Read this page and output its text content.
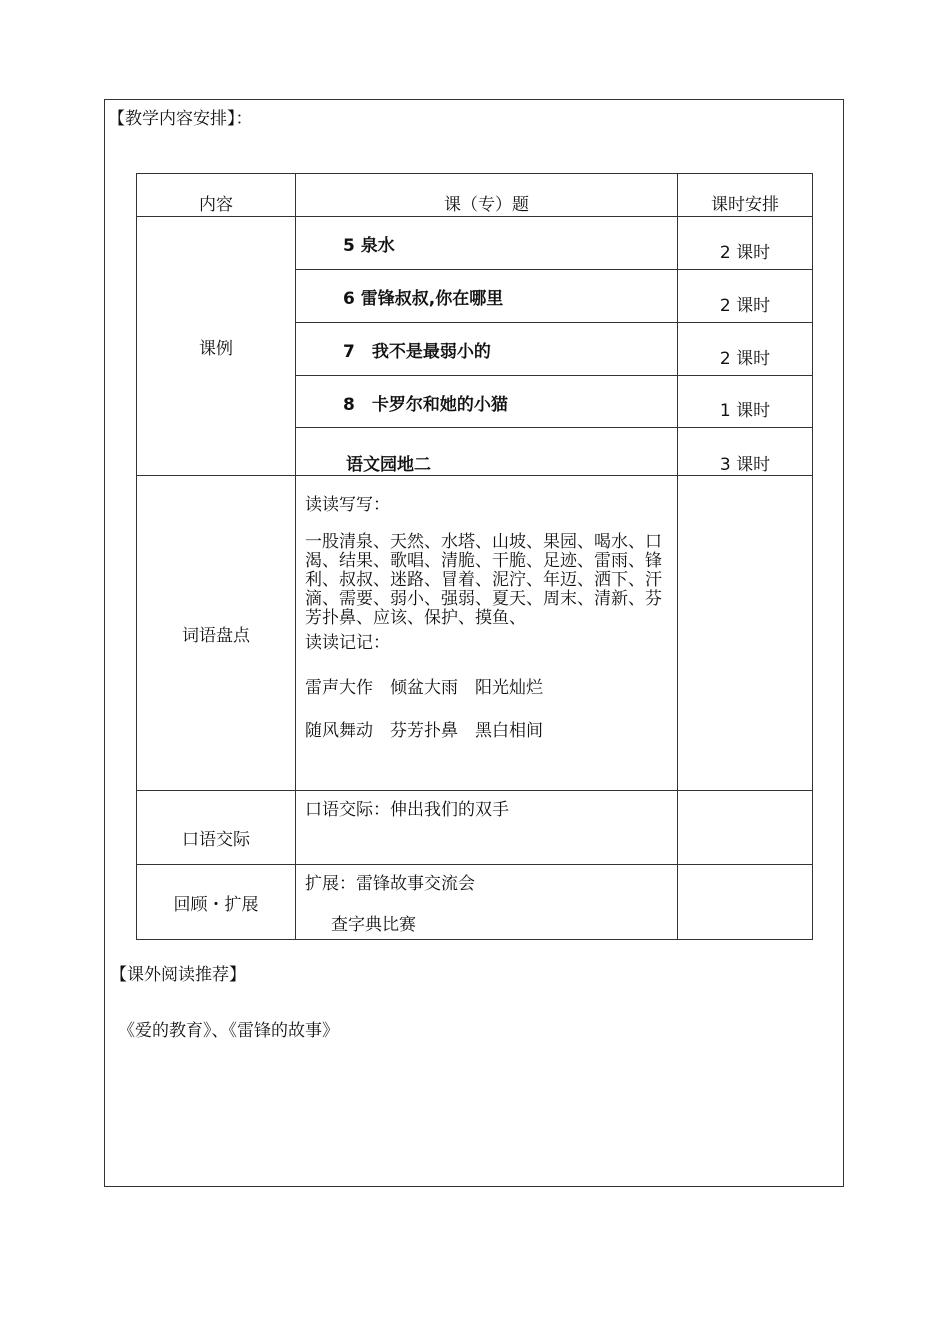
【教学内容安排】：
内容	课（专）题	课时安排
课例	5 泉水	2 课时
	6 雷锋叔叔,你在哪里	2 课时
	7　我不是最弱小的	2 课时
	8　卡罗尔和她的小猫	1 课时
	语文园地二	3 课时
词语盘点	读读写写：

一股清泉、天然、水塔、山坡、果园、喝水、口渴、结果、歌唱、清脆、干脆、足迹、雷雨、锋利、叔叔、迷路、冒着、泥泞、年迈、洒下、汗滴、需要、弱小、强弱、夏天、周末、清新、芬芳扑鼻、应该、保护、摸鱼、

读读记记：

雷声大作　倾盆大雨　阳光灿烂

随风舞动　芬芳扑鼻　黑白相间	

口语交际	口语交际：伸出我们的双手	
回顾・扩展	扩展：雷锋故事交流会

查字典比赛	

【课外阅读推荐】
《爱的教育》、《雷锋的故事》
